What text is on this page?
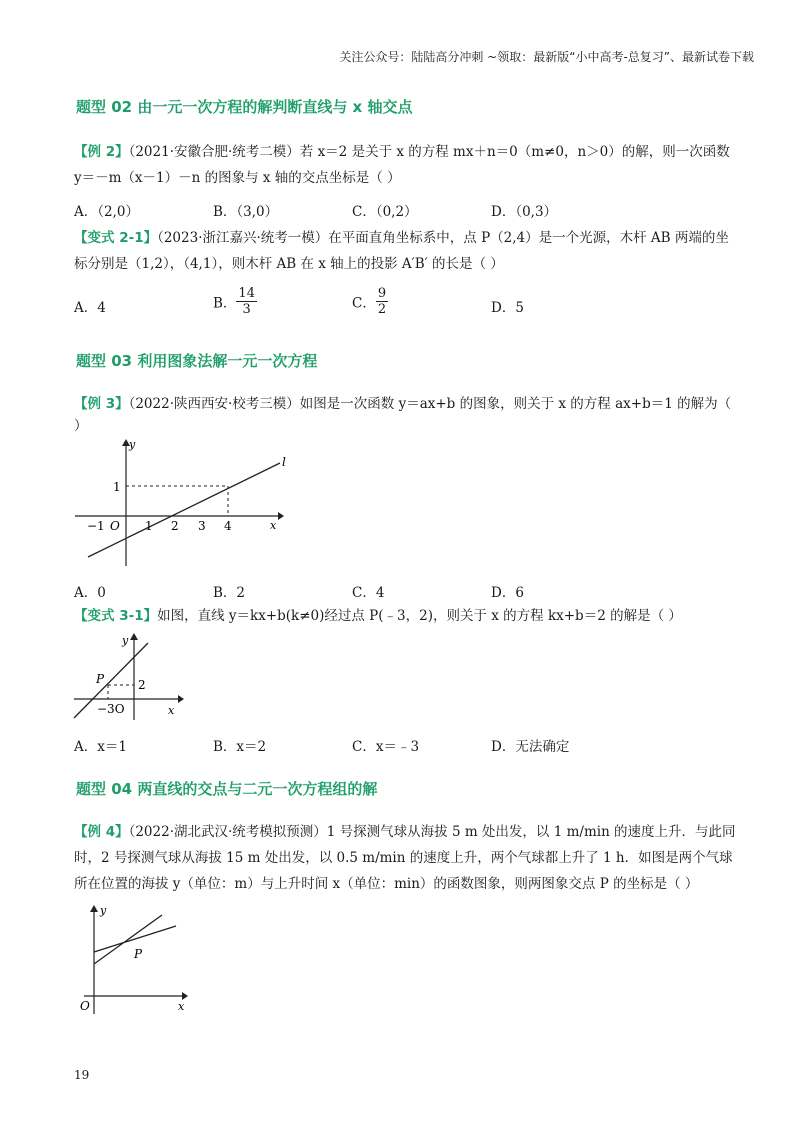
关注公众号：陆陆高分冲刺 ~领取：最新版“小中高考-总复习”、最新试卷下载
题型 02 由一元一次方程的解判断直线与 x 轴交点
【例 2】（2021·安徽合肥·统考二模）若 x＝2 是关于 x 的方程 mx＋n＝0（m≠0，n＞0）的解，则一次函数
y＝－m（x－1）－n 的图象与 x 轴的交点坐标是（ ）
A．（2,0）	B．（3,0）	C．（0,2）	D．（0,3）
【变式 2-1】（2023·浙江嘉兴·统考一模）在平面直角坐标系中，点 P（2,4）是一个光源，木杆 AB 两端的坐
标分别是（1,2），（4,1），则木杆 AB 在 x 轴上的投影 A′B′ 的长是（ ）
A．4	B． $\frac{14}{3}$	C． $\frac{9}{2}$	D．5
题型 03 利用图象法解一元一次方程
【例 3】（2022·陕西西安·校考三模）如图是一次函数 y＝ax+b 的图象，则关于 x 的方程 ax+b＝1 的解为（
）
y
x
l
1
−1 O 1 2 3 4
A．0	B．2	C．4	D．6
【变式 3-1】如图，直线 y＝kx+b(k≠0)经过点 P(﹣3，2)，则关于 x 的方程 kx+b＝2 的解是（ ）
y
x
P	2
−3O
A．x＝1	B．x＝2	C．x＝﹣3	D．无法确定
题型 04 两直线的交点与二元一次方程组的解
【例 4】（2022·湖北武汉·统考模拟预测）1 号探测气球从海拔 5 m 处出发，以 1 m/min 的速度上升．与此同
时，2 号探测气球从海拔 15 m 处出发，以 0.5 m/min 的速度上升，两个气球都上升了 1 h．如图是两个气球
所在位置的海拔 y（单位：m）与上升时间 x（单位：min）的函数图象，则两图象交点 P 的坐标是（ ）
y
x
O
P
19
